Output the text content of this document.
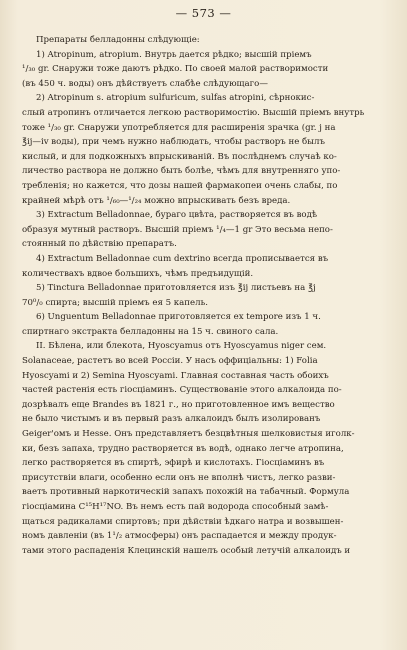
— 573 —

Препараты белладонны слѣдующіе:

1) Atropinum, atropium. Внутрь дается рѣдко; высшій пріемъ
¹/₃₀ gr. Снаружи тоже даютъ рѣдко. По своей малой растворимости
(въ 450 ч. воды) онъ дѣйствуетъ слабѣе слѣдующаго—

2) Atropinum s. atropium sulfuricum, sulfas atropini, сѣрнокис-
слый атропинъ отличается легкою растворимостію. Высшій пріемъ внутрь
тоже ¹/₃₀ gr. Снаружи употребляется для расширенія зрачка (gr. j на
℥ij—iv воды), при чемъ нужно наблюдать, чтобы растворъ не былъ
кислый, и для подкожныхъ впрыскиваній. Въ послѣднемъ случаѣ ко-
личество раствора не должно быть болѣе, чѣмъ для внутренняго упо-
требленія; но кажется, что дозы нашей фармакопеи очень слабы, по
крайней мѣрѣ отъ ¹/₆₀—¹/₂₄ можно впрыскивать безъ вреда.

3) Extractum Belladonnae, бураго цвѣта, растворяется въ водѣ
образуя мутный растворъ. Высшій пріемъ ¹/₄—1 gr Это весьма непо-
стоянный по дѣйствію препаратъ.

4) Extractum Belladonnae cum dextrino всегда прописывается въ
количествахъ вдвое большихъ, чѣмъ предъидущій.

5) Tinctura Belladonnae приготовляется изъ ℥ij листьевъ на ℥j
70⁰/₀ спирта; высшій пріемъ ея 5 капель.

6) Unguentum Belladonnae приготовляется ex tempore изъ 1 ч.
спиртнаго экстракта белладонны на 15 ч. свиного сала.

II. Бѣлена, или блекота, Hyoscyamus отъ Hyoscyamus niger сем.
Solanaceae, растетъ во всей Россіи. У насъ оффиціальны: 1) Folia
Hyoscyami и 2) Semina Hyoscyami. Главная составная часть обоихъ
частей растенія есть гіосціаминъ. Существованіе этого алкалоида по-
дозрѣвалъ еще Brandes въ 1821 г., но приготовленное имъ вещество
не было чистымъ и въ первый разъ алкалоидъ былъ изолированъ
Geiger'омъ и Hesse. Онъ представляетъ безцвѣтныя шелковистыя иголк-
ки, безъ запаха, трудно растворяется въ водѣ, однако легче атропина,
легко растворяется въ спиртѣ, эфирѣ и кислотахъ. Гіосціаминъ въ
присутствіи влаги, особенно если онъ не вполнѣ чистъ, легко разви-
ваетъ противный наркотическій запахъ похожій на табачный. Формула
гіосціамина C¹⁵H¹⁷NO. Въ немъ есть пай водорода способный замѣ-
щаться радикалами спиртовъ; при дѣйствіи ѣдкаго натра и возвышен-
номъ давленіи (въ 1¹/₂ атмосферы) онъ распадается и между продук-
тами этого распаденія Клецинскій нашелъ особый летучій алкалоидъ и
